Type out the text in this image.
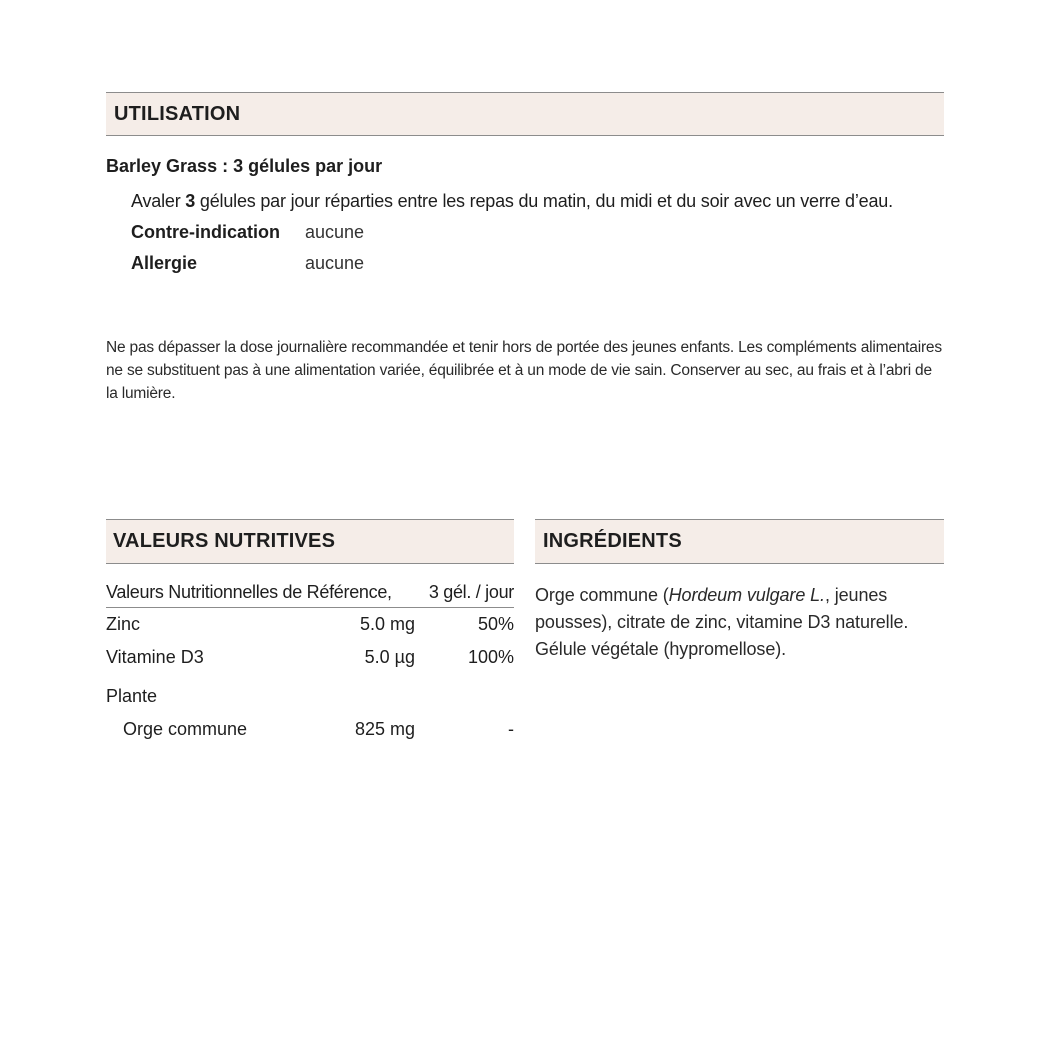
UTILISATION
Barley Grass : 3 gélules par jour
Avaler 3 gélules par jour réparties entre les repas du matin, du midi et du soir avec un verre d’eau.
Contre-indication	aucune
Allergie	aucune
Ne pas dépasser la dose journalière recommandée et tenir hors de portée des jeunes enfants. Les compléments alimentaires ne se substituent pas à une alimentation variée, équilibrée et à un mode de vie sain. Conserver au sec, au frais et à l’abri de la lumière.
VALEURS NUTRITIVES
Valeurs Nutritionnelles de Référence, 3 gél. / jour
Zinc	5.0 mg	50%
Vitamine D3	5.0 µg	100%
Plante
Orge commune	825 mg	-
INGRÉDIENTS
Orge commune (Hordeum vulgare L., jeunes pousses), citrate de zinc, vitamine D3 naturelle. Gélule végétale (hypromellose).
